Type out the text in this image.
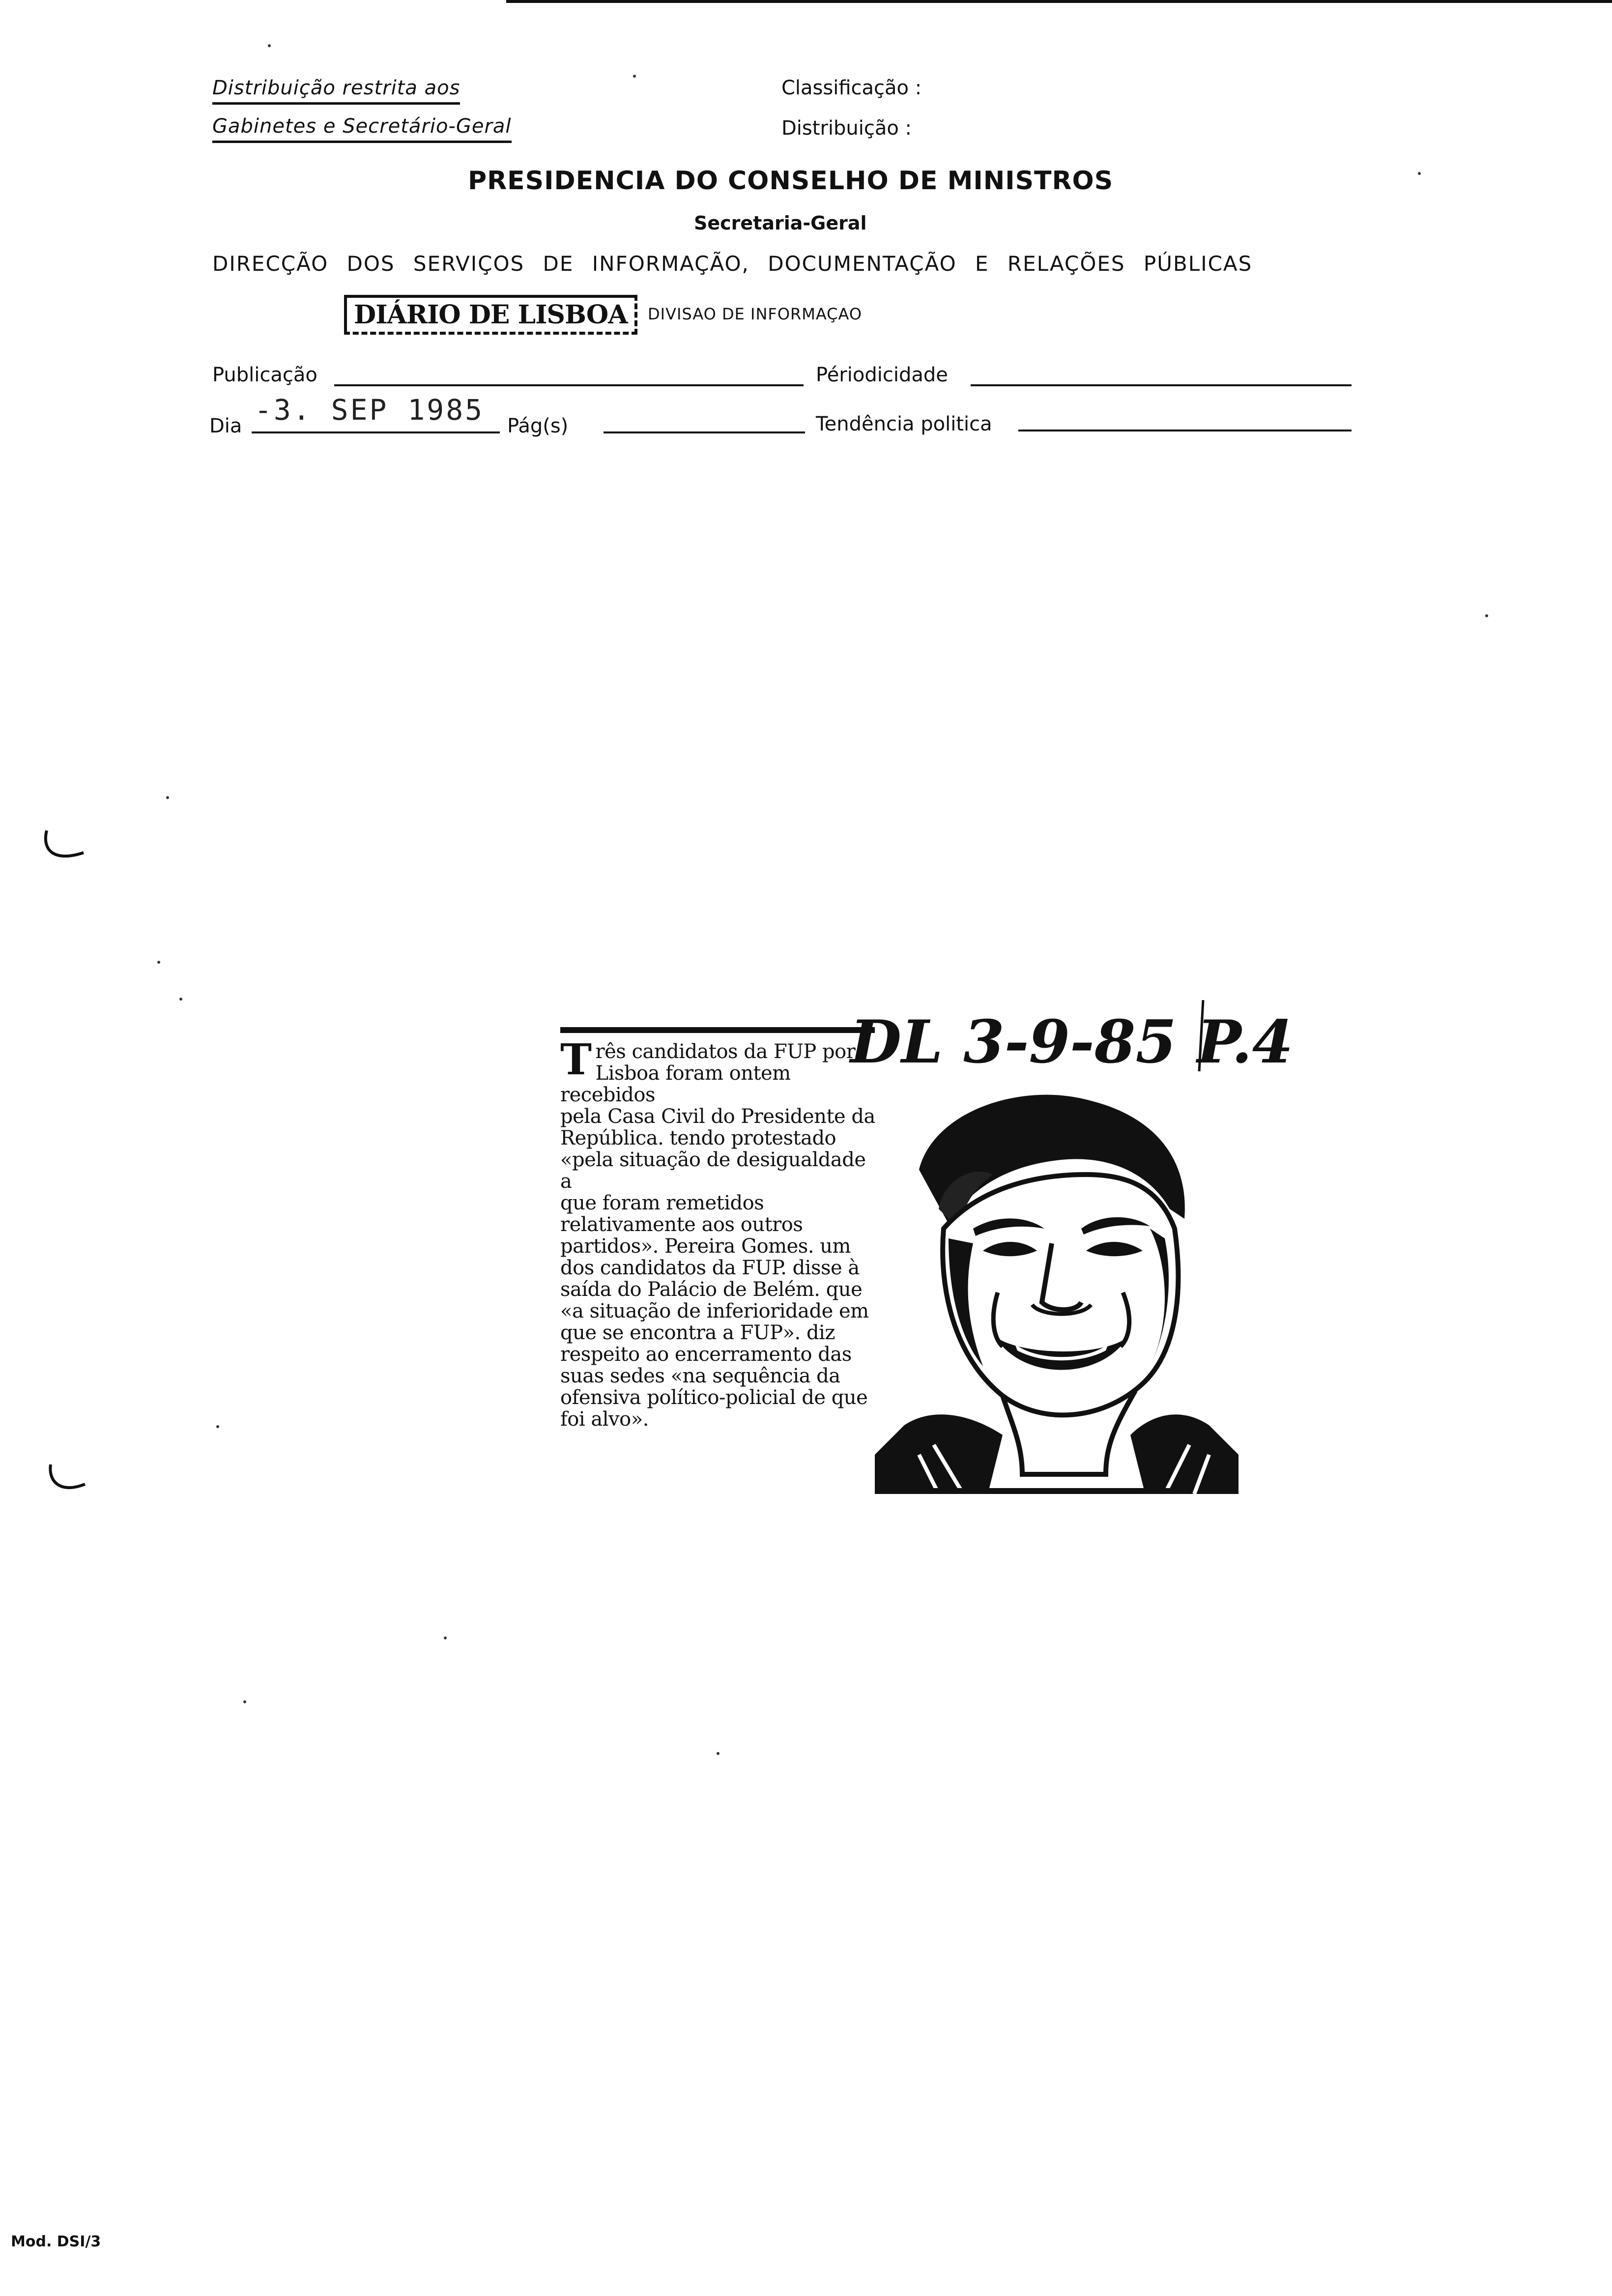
Distribuição restrita aos
Gabinetes e Secretário-Geral
Classificação :
Distribuição :
PRESIDENCIA DO CONSELHO DE MINISTROS
Secretaria-Geral
DIRECÇÃO DOS SERVIÇOS DE INFORMAÇÃO, DOCUMENTAÇÃO E RELAÇÕES PÚBLICAS
DIÁRIO DE LISBOA	DIVISAO DE INFORMAÇAO
Publicação	Périodicidade
Dia -3. SEP 1985 Pág(s)	Tendência politica
T rês candidatos da FUP por
Lisboa foram ontem recebidos
pela Casa Civil do Presidente da
República. tendo protestado
«pela situação de desigualdade a
que foram remetidos
relativamente aos outros
partidos». Pereira Gomes. um
dos candidatos da FUP. disse à
saída do Palácio de Belém. que
«a situação de inferioridade em
que se encontra a FUP». diz
respeito ao encerramento das
suas sedes «na sequência da
ofensiva político-policial de que
foi alvo».
DL 3-9-85 P.4
Mod. DSI/3
